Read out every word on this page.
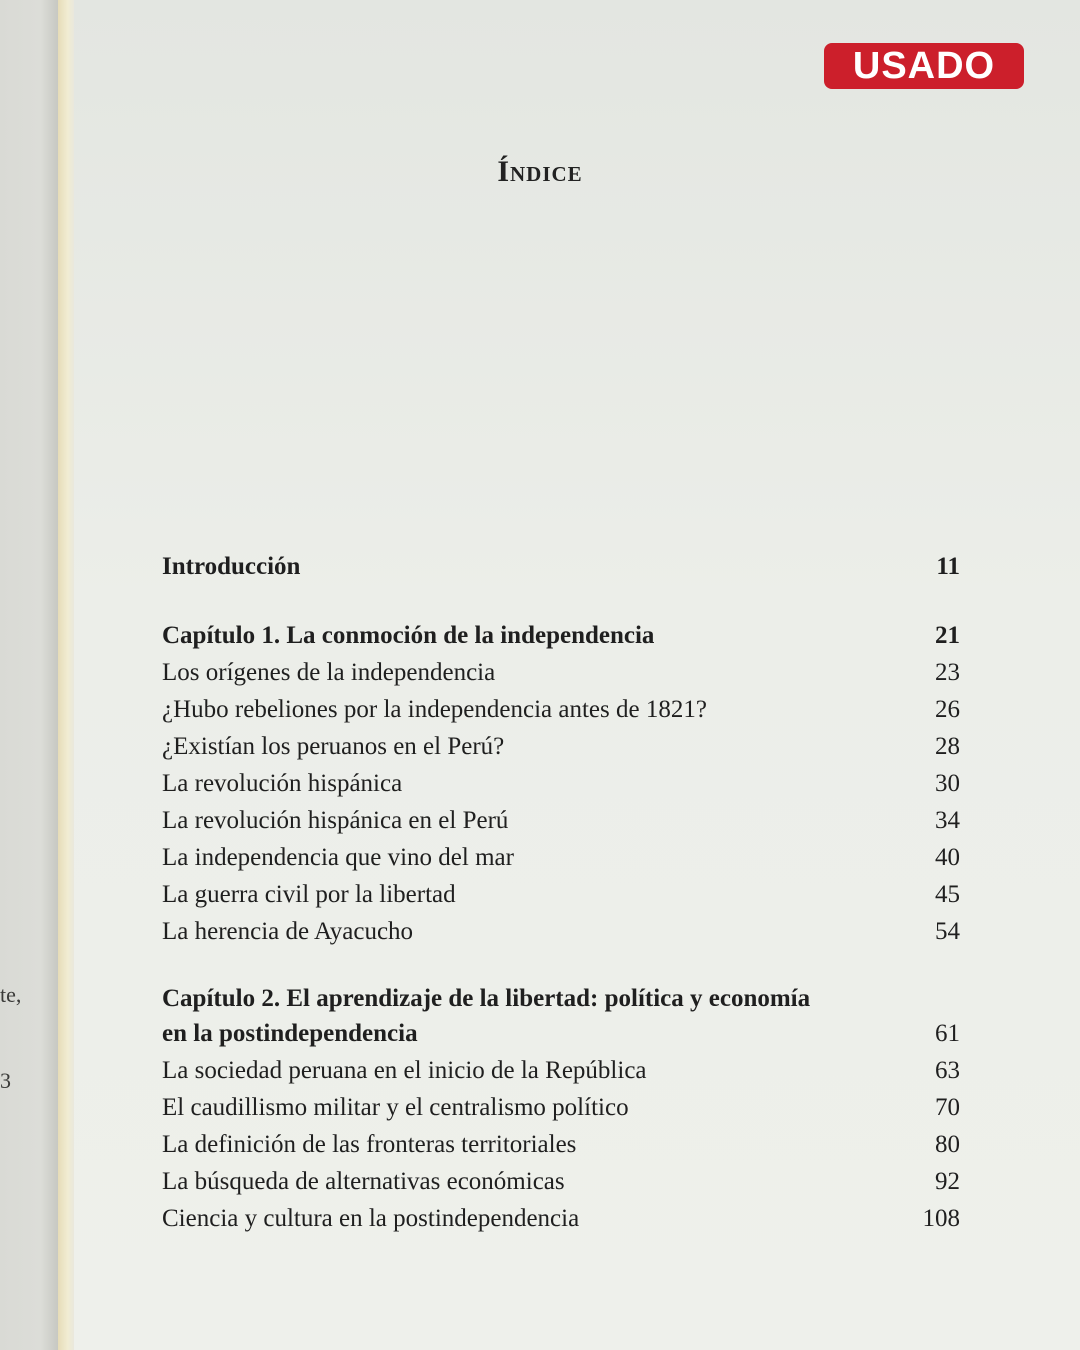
te,
3
USADO
Índice
Introducción	11
Capítulo 1. La conmoción de la independencia	21
Los orígenes de la independencia	23
¿Hubo rebeliones por la independencia antes de 1821?	26
¿Existían los peruanos en el Perú?	28
La revolución hispánica	30
La revolución hispánica en el Perú	34
La independencia que vino del mar	40
La guerra civil por la libertad	45
La herencia de Ayacucho	54
Capítulo 2. El aprendizaje de la libertad: política y economía
en la postindependencia	61
La sociedad peruana en el inicio de la República	63
El caudillismo militar y el centralismo político	70
La definición de las fronteras territoriales	80
La búsqueda de alternativas económicas	92
Ciencia y cultura en la postindependencia	108
